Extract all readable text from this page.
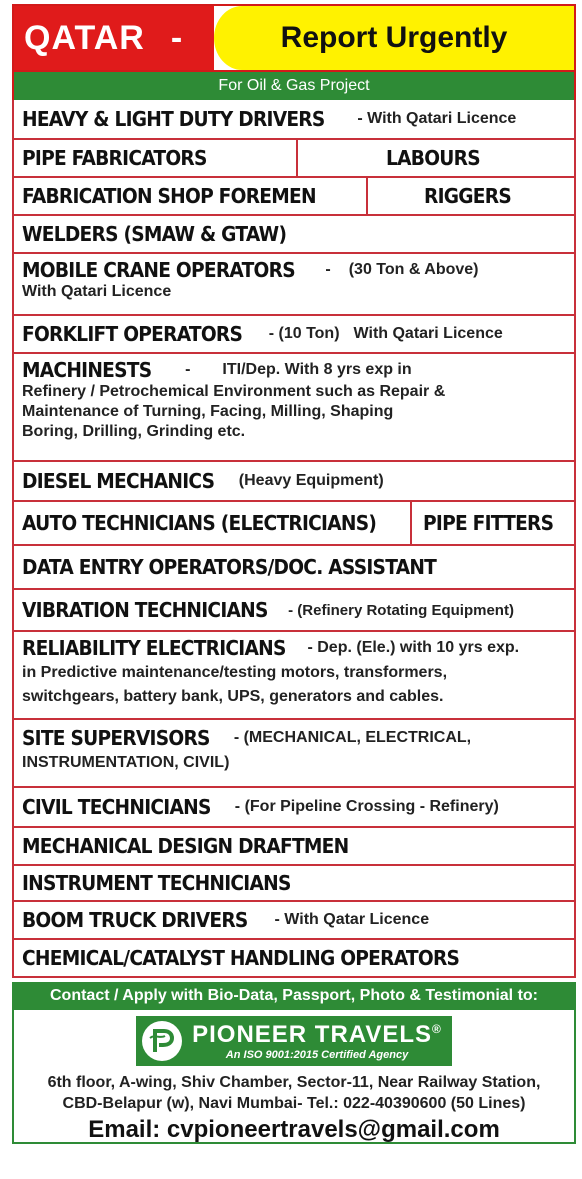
QATAR -	Report Urgently
For Oil & Gas Project
HEAVY & LIGHT DUTY DRIVERS - With Qatari Licence
PIPE FABRICATORS	LABOURS
FABRICATION SHOP FOREMEN	RIGGERS
WELDERS (SMAW & GTAW)
MOBILE CRANE OPERATORS - (30 Ton & Above)
With Qatari Licence
FORKLIFT OPERATORS - (10 Ton) With Qatari Licence
MACHINESTS - ITI/Dep. With 8 yrs exp in
Refinery / Petrochemical Environment such as Repair &
Maintenance of Turning, Facing, Milling, Shaping
Boring, Drilling, Grinding etc.
DIESEL MECHANICS (Heavy Equipment)
AUTO TECHNICIANS (ELECTRICIANS) PIPE FITTERS
DATA ENTRY OPERATORS/DOC. ASSISTANT
VIBRATION TECHNICIANS - (Refinery Rotating Equipment)
RELIABILITY ELECTRICIANS - Dep. (Ele.) with 10 yrs exp.
in Predictive maintenance/testing motors, transformers,
switchgears, battery bank, UPS, generators and cables.
SITE SUPERVISORS - (MECHANICAL, ELECTRICAL,
INSTRUMENTATION, CIVIL)
CIVIL TECHNICIANS - (For Pipeline Crossing - Refinery)
MECHANICAL DESIGN DRAFTMEN
INSTRUMENT TECHNICIANS
BOOM TRUCK DRIVERS - With Qatar Licence
CHEMICAL/CATALYST HANDLING OPERATORS
Contact / Apply with Bio-Data, Passport, Photo & Testimonial to:
PIONEER TRAVELS®
An ISO 9001:2015 Certified Agency
6th floor, A-wing, Shiv Chamber, Sector-11, Near Railway Station,
CBD-Belapur (w), Navi Mumbai- Tel.: 022-40390600 (50 Lines)
Email: cvpioneertravels@gmail.com
